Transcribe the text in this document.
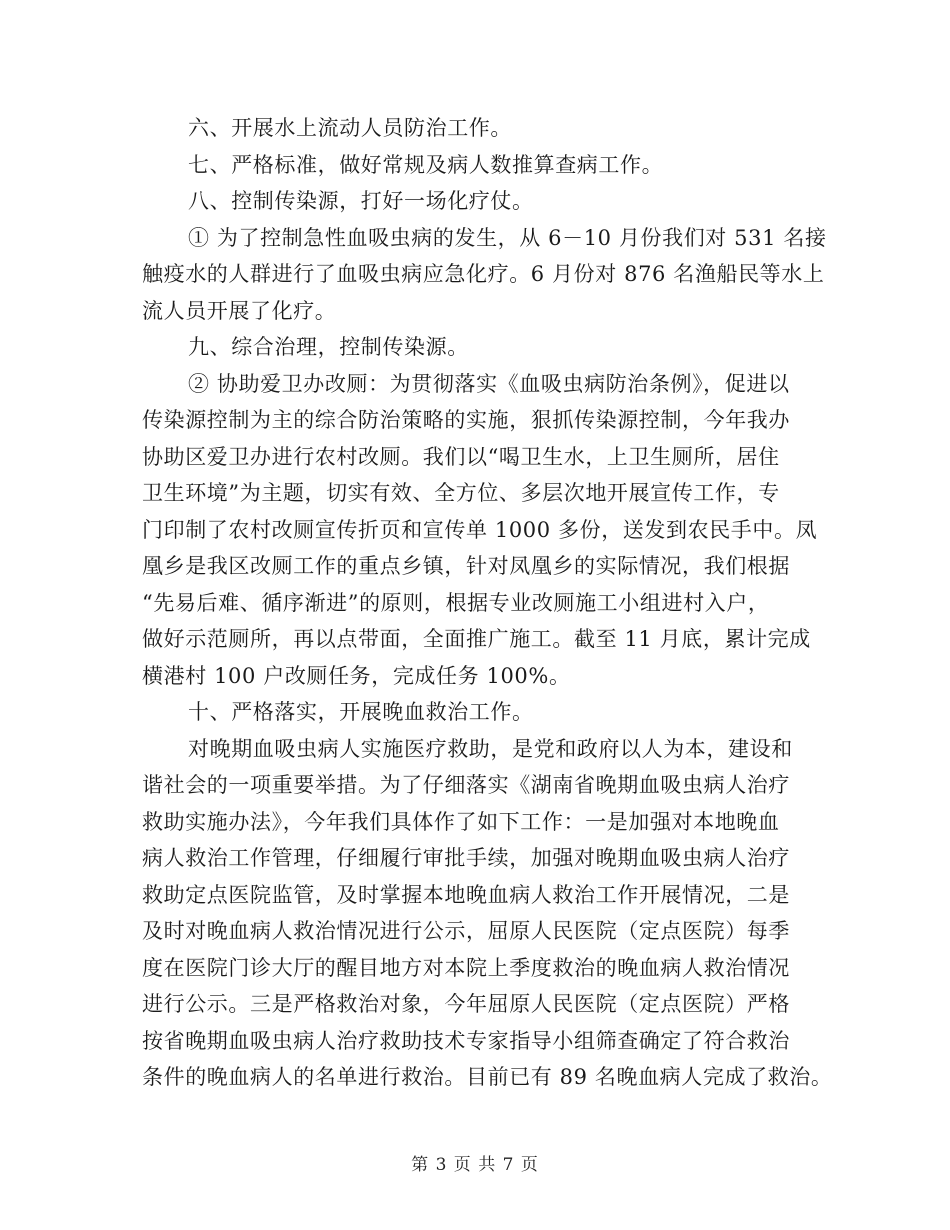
六、开展水上流动人员防治工作。
七、严格标准，做好常规及病人数推算查病工作。
八、控制传染源，打好一场化疗仗。
① 为了控制急性血吸虫病的发生，从 6－10 月份我们对 531 名接
触疫水的人群进行了血吸虫病应急化疗。6 月份对 876 名渔船民等水上
流人员开展了化疗。
九、综合治理，控制传染源。
② 协助爱卫办改厕：为贯彻落实《血吸虫病防治条例》，促进以
传染源控制为主的综合防治策略的实施，狠抓传染源控制，今年我办
协助区爱卫办进行农村改厕。我们以“喝卫生水，上卫生厕所，居住
卫生环境”为主题，切实有效、全方位、多层次地开展宣传工作，专
门印制了农村改厕宣传折页和宣传单 1000 多份，送发到农民手中。凤
凰乡是我区改厕工作的重点乡镇，针对凤凰乡的实际情况，我们根据
“先易后难、循序渐进”的原则，根据专业改厕施工小组进村入户，
做好示范厕所，再以点带面，全面推广施工。截至 11 月底，累计完成
横港村 100 户改厕任务，完成任务 100%。
十、严格落实，开展晚血救治工作。
对晚期血吸虫病人实施医疗救助，是党和政府以人为本，建设和
谐社会的一项重要举措。为了仔细落实《湖南省晚期血吸虫病人治疗
救助实施办法》，今年我们具体作了如下工作：一是加强对本地晚血
病人救治工作管理，仔细履行审批手续，加强对晚期血吸虫病人治疗
救助定点医院监管，及时掌握本地晚血病人救治工作开展情况，二是
及时对晚血病人救治情况进行公示，屈原人民医院（定点医院）每季
度在医院门诊大厅的醒目地方对本院上季度救治的晚血病人救治情况
进行公示。三是严格救治对象，今年屈原人民医院（定点医院）严格
按省晚期血吸虫病人治疗救助技术专家指导小组筛查确定了符合救治
条件的晚血病人的名单进行救治。目前已有 89 名晚血病人完成了救治。
第 3 页 共 7 页
